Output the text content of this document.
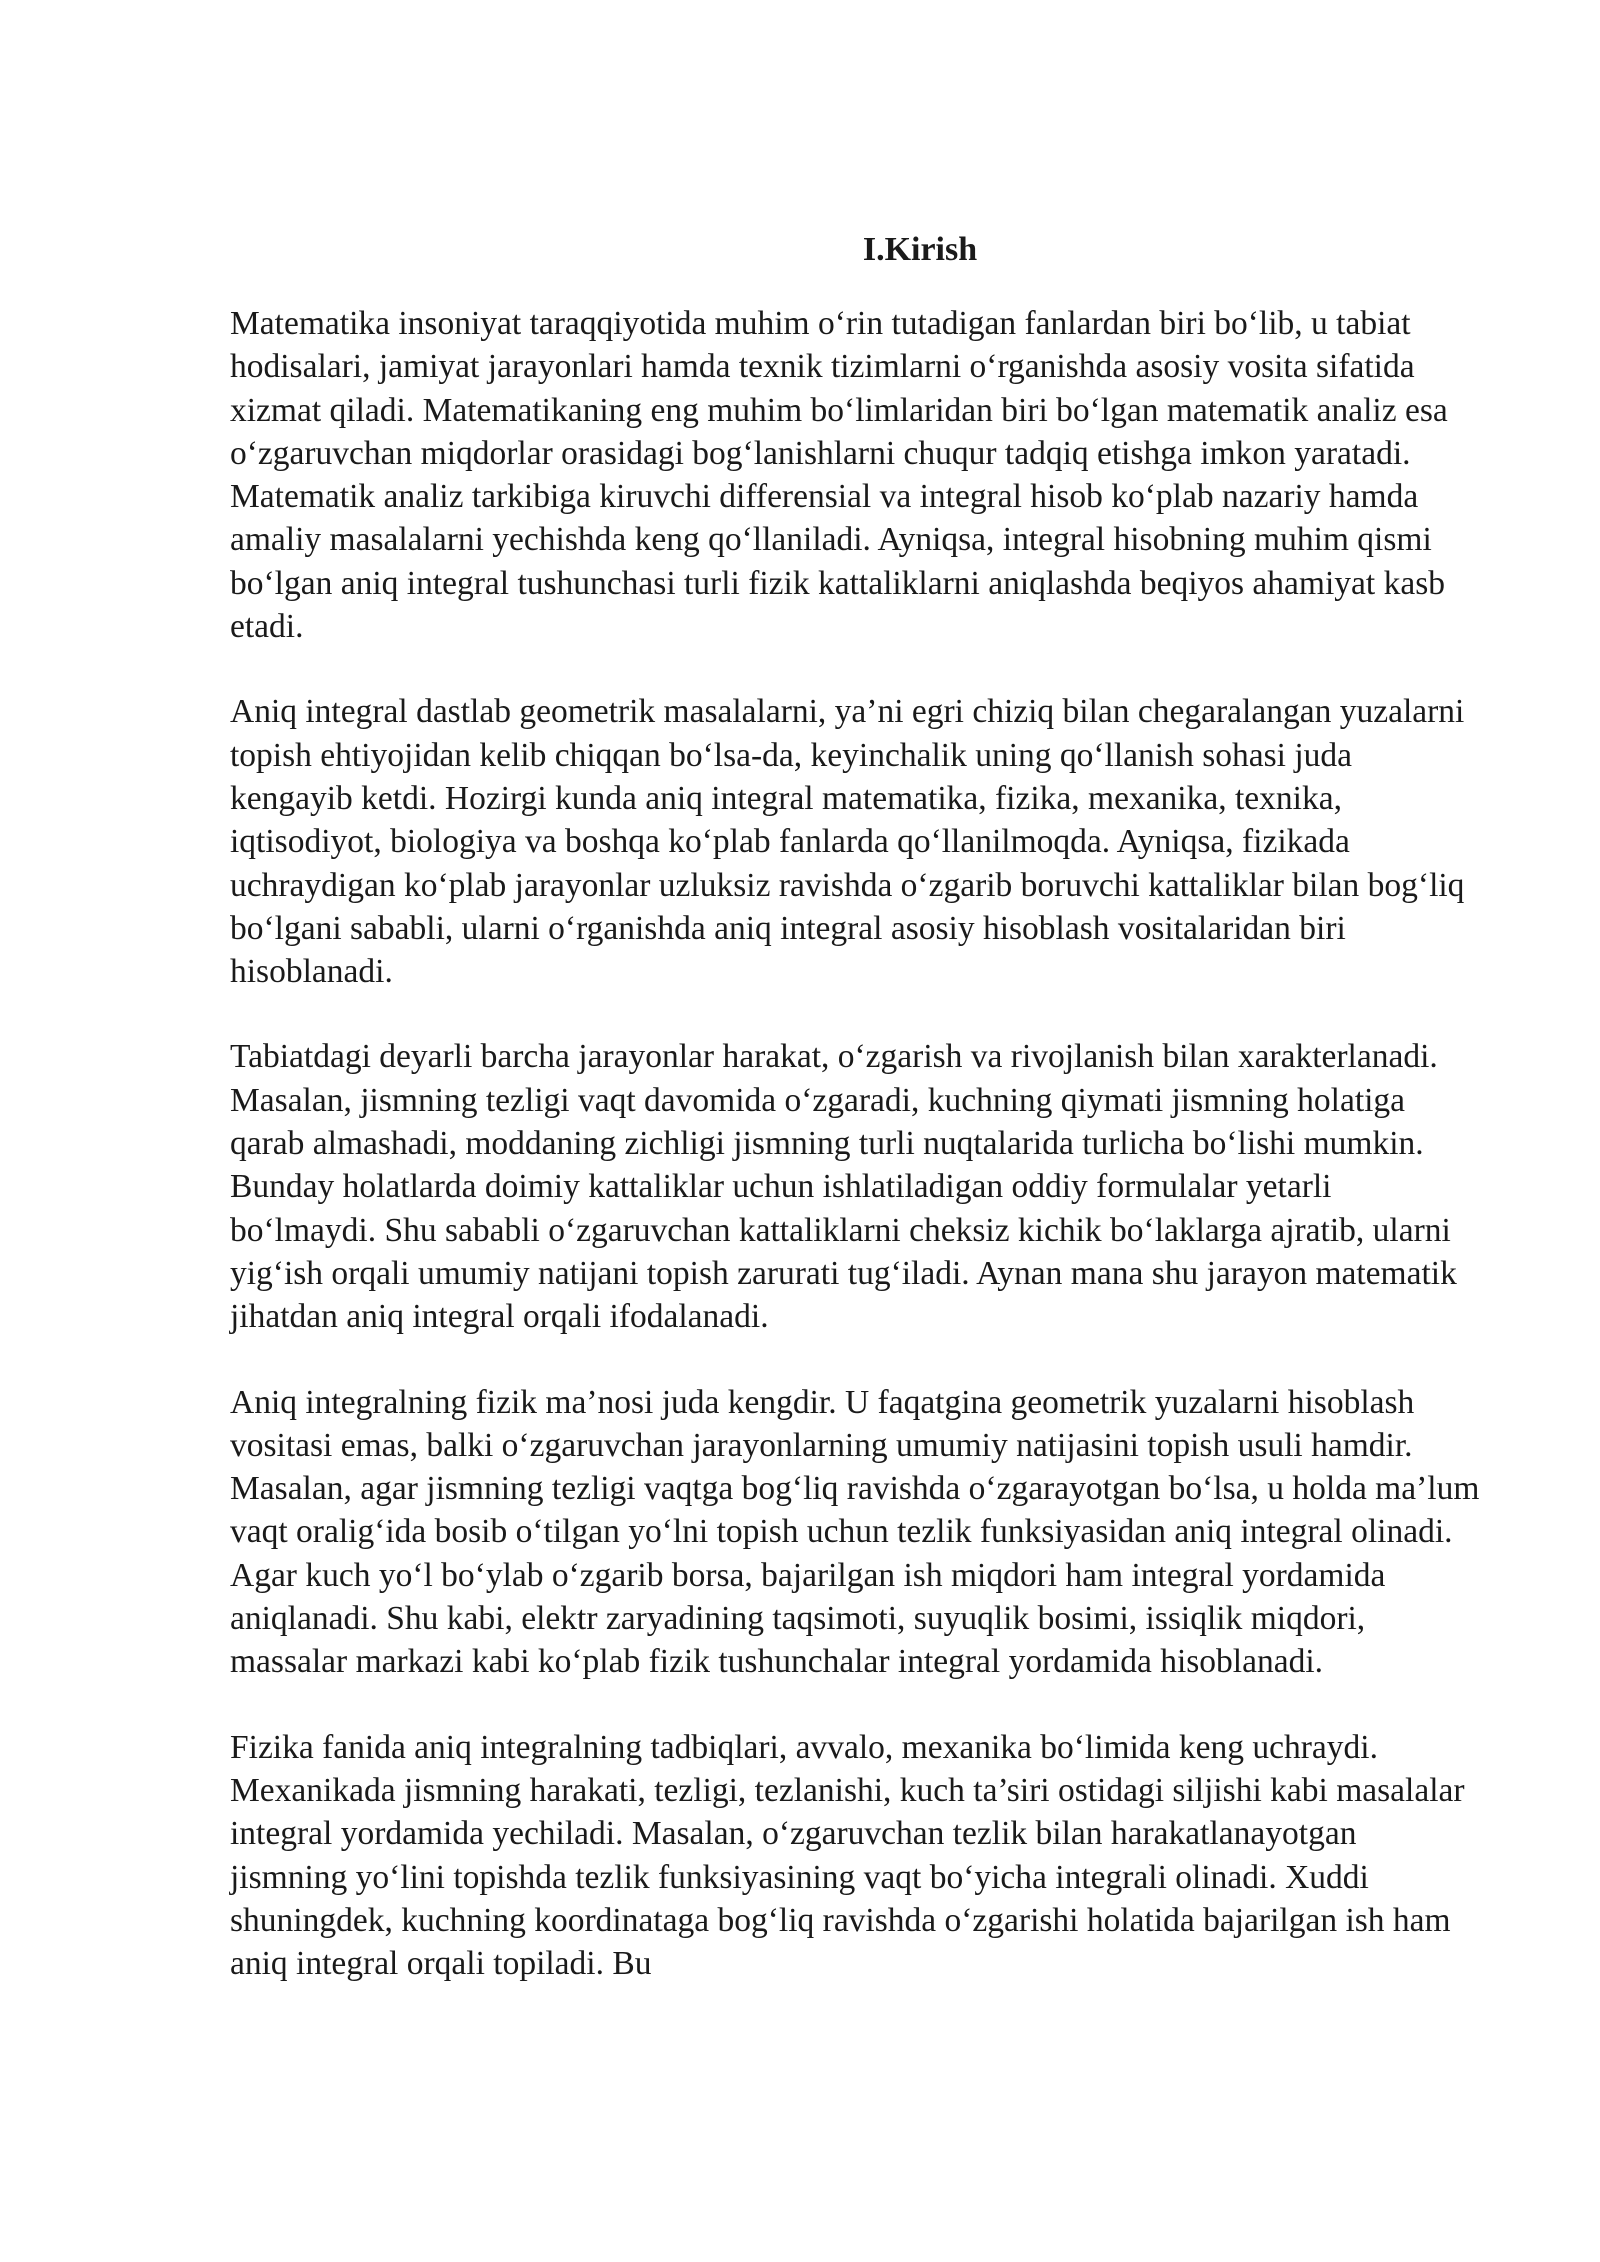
I.Kirish

Matematika insoniyat taraqqiyotida muhim o‘rin tutadigan fanlardan biri bo‘lib, u tabiat hodisalari, jamiyat jarayonlari hamda texnik tizimlarni o‘rganishda asosiy vosita sifatida xizmat qiladi. Matematikaning eng muhim bo‘limlaridan biri bo‘lgan matematik analiz esa o‘zgaruvchan miqdorlar orasidagi bog‘lanishlarni chuqur tadqiq etishga imkon yaratadi. Matematik analiz tarkibiga kiruvchi differensial va integral hisob ko‘plab nazariy hamda amaliy masalalarni yechishda keng qo‘llaniladi. Ayniqsa, integral hisobning muhim qismi bo‘lgan aniq integral tushunchasi turli fizik kattaliklarni aniqlashda beqiyos ahamiyat kasb etadi.

Aniq integral dastlab geometrik masalalarni, ya’ni egri chiziq bilan chegaralangan yuzalarni topish ehtiyojidan kelib chiqqan bo‘lsa-da, keyinchalik uning qo‘llanish sohasi juda kengayib ketdi. Hozirgi kunda aniq integral matematika, fizika, mexanika, texnika, iqtisodiyot, biologiya va boshqa ko‘plab fanlarda qo‘llanilmoqda. Ayniqsa, fizikada uchraydigan ko‘plab jarayonlar uzluksiz ravishda o‘zgarib boruvchi kattaliklar bilan bog‘liq bo‘lgani sababli, ularni o‘rganishda aniq integral asosiy hisoblash vositalaridan biri hisoblanadi.

Tabiatdagi deyarli barcha jarayonlar harakat, o‘zgarish va rivojlanish bilan xarakterlanadi. Masalan, jismning tezligi vaqt davomida o‘zgaradi, kuchning qiymati jismning holatiga qarab almashadi, moddaning zichligi jismning turli nuqtalarida turlicha bo‘lishi mumkin. Bunday holatlarda doimiy kattaliklar uchun ishlatiladigan oddiy formulalar yetarli bo‘lmaydi. Shu sababli o‘zgaruvchan kattaliklarni cheksiz kichik bo‘laklarga ajratib, ularni yig‘ish orqali umumiy natijani topish zarurati tug‘iladi. Aynan mana shu jarayon matematik jihatdan aniq integral orqali ifodalanadi.

Aniq integralning fizik ma’nosi juda kengdir. U faqatgina geometrik yuzalarni hisoblash vositasi emas, balki o‘zgaruvchan jarayonlarning umumiy natijasini topish usuli hamdir. Masalan, agar jismning tezligi vaqtga bog‘liq ravishda o‘zgarayotgan bo‘lsa, u holda ma’lum vaqt oralig‘ida bosib o‘tilgan yo‘lni topish uchun tezlik funksiyasidan aniq integral olinadi. Agar kuch yo‘l bo‘ylab o‘zgarib borsa, bajarilgan ish miqdori ham integral yordamida aniqlanadi. Shu kabi, elektr zaryadining taqsimoti, suyuqlik bosimi, issiqlik miqdori, massalar markazi kabi ko‘plab fizik tushunchalar integral yordamida hisoblanadi.

Fizika fanida aniq integralning tadbiqlari, avvalo, mexanika bo‘limida keng uchraydi. Mexanikada jismning harakati, tezligi, tezlanishi, kuch ta’siri ostidagi siljishi kabi masalalar integral yordamida yechiladi. Masalan, o‘zgaruvchan tezlik bilan harakatlanayotgan jismning yo‘lini topishda tezlik funksiyasining vaqt bo‘yicha integrali olinadi. Xuddi shuningdek, kuchning koordinataga bog‘liq ravishda o‘zgarishi holatida bajarilgan ish ham aniq integral orqali topiladi. Bu
